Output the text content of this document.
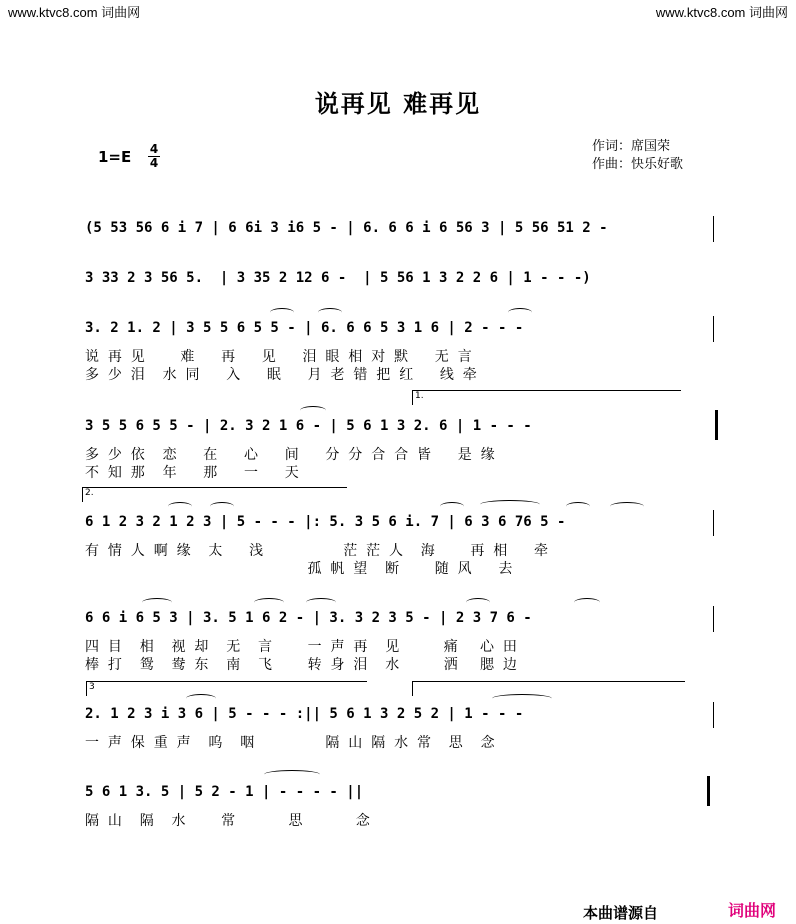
www.ktvc8.com 词曲网	www.ktvc8.com 词曲网
说再见 难再见
1=E 4
4
作词：席国荣
作曲：快乐好歌
(5 53 56 6 i 7 | 6 6i 3 i6 5 - | 6. 6 6 i 6 56 3 | 5 56 51 2 -
3 33 2 3 56 5.  | 3 35 2 12 6 -  | 5 56 1 3 2 2 6 | 1 - - -)
3. 2 1. 2 | 3 5 5 6 5 5 - | 6. 6 6 5 3 1 6 | 2 - - -
说  再  见        难      再      见      泪  眼  相  对  默      无  言
多  少  泪    水  同      入      眠      月  老  错  把  红      线  牵
1.
3 5 5 6 5 5 - | 2. 3 2 1 6 - | 5 6 1 3 2. 6 | 1 - - -
多  少  依    恋      在      心      间      分  分  合  合  皆      是  缘
不  知  那    年      那      一      天
2.
6 1 2 3 2 1 2 3 | 5 - - - |: 5. 3 5 6 i. 7 | 6 3 6 76 5 -
有  情  人  啊  缘    太      浅                  茫  茫  人    海        再  相      牵
孤  帆  望    断        随  风      去
6 6 i 6 5 3 | 3. 5 1 6 2 - | 3. 3 2 3 5 - | 2 3 7 6 -
四  目    相    视  却    无    言        一  声  再    见          痛     心  田
棒  打    鸳    鸯  东    南    飞        转  身  泪    水          洒     腮  边
3
2. 1 2 3 i 3 6 | 5 - - - :|| 5 6 1 3 2 5 2 | 1 - - -
一  声  保  重  声    呜    咽                隔  山  隔  水  常    思    念
5 6 1 3. 5 | 5 2 - 1 | - - - - ||
隔  山    隔    水        常            思            念
本曲谱源自	词曲网
